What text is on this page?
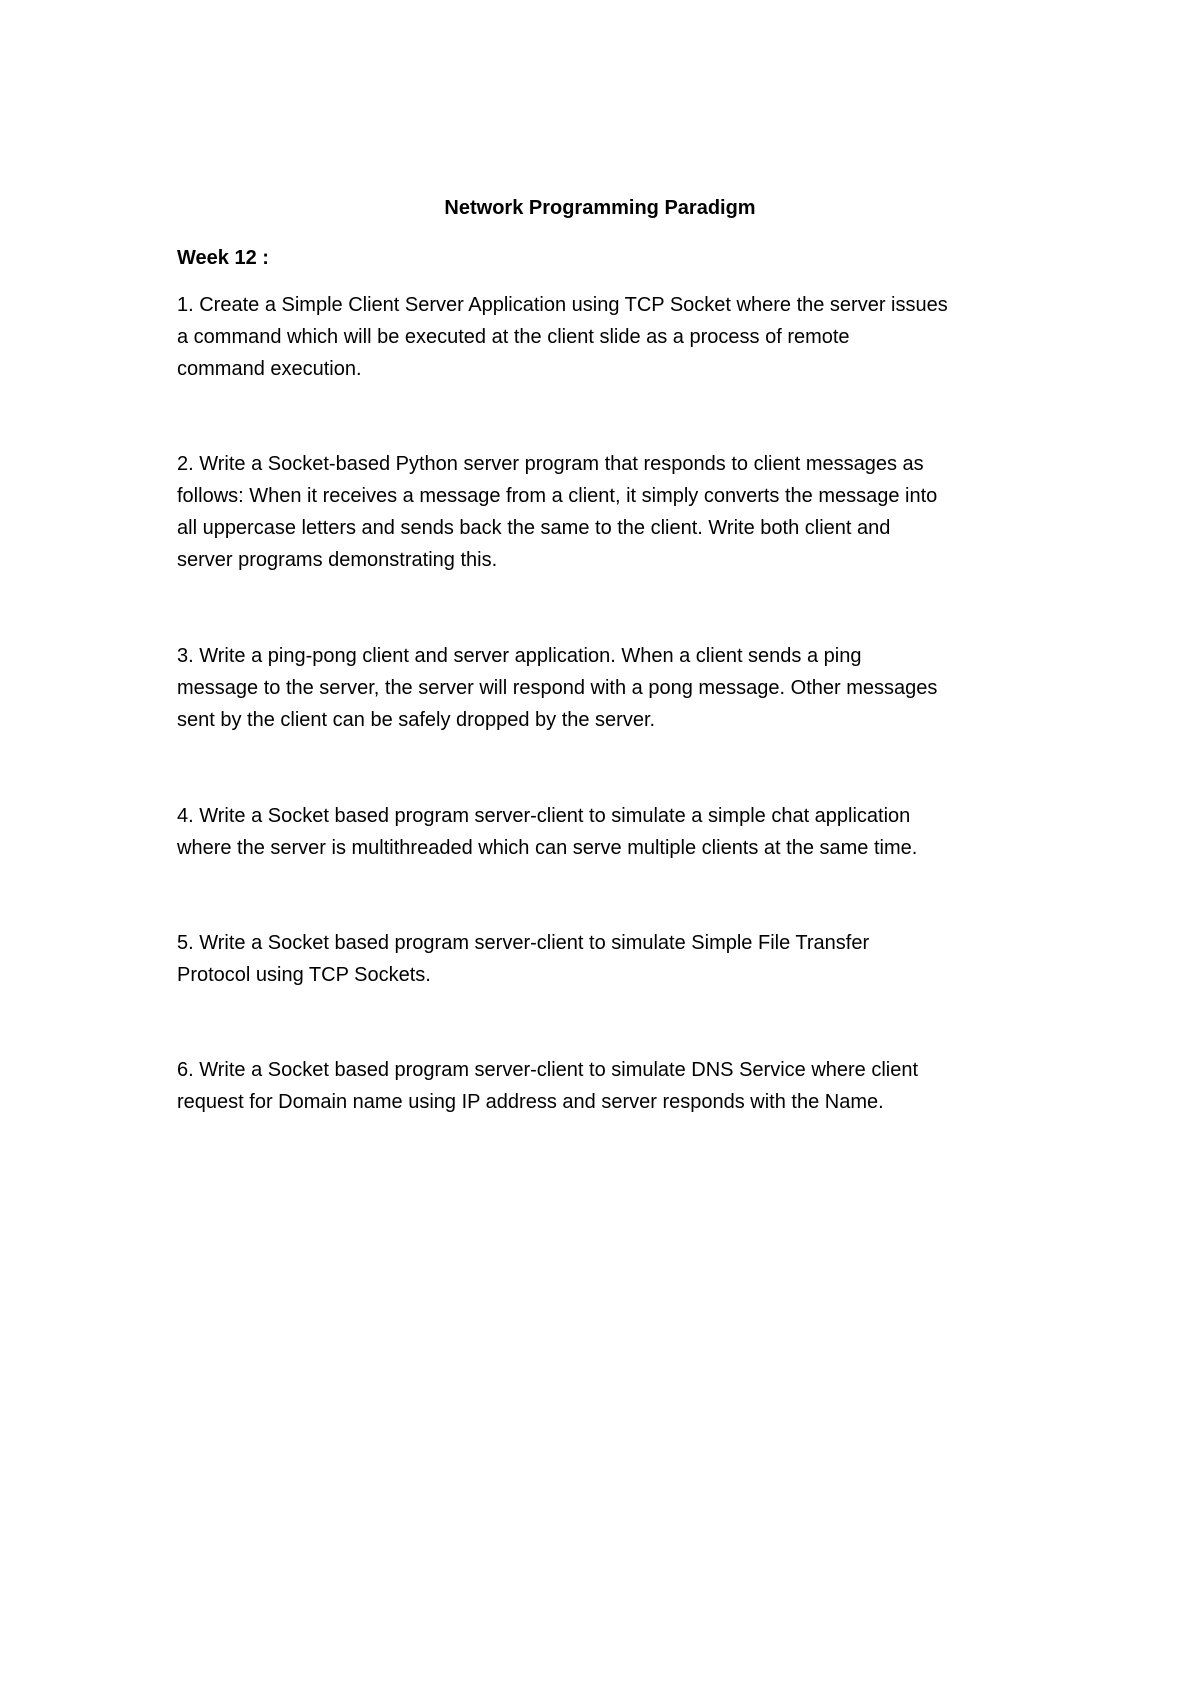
Network Programming Paradigm
Week 12 :
1. Create a Simple Client Server Application using TCP Socket where the server issues
a command which will be executed at the client slide as a process of remote
command execution.
2. Write a Socket-based Python server program that responds to client messages as
follows: When it receives a message from a client, it simply converts the message into
all uppercase letters and sends back the same to the client. Write both client and
server programs demonstrating this.
3. Write a ping-pong client and server application. When a client sends a ping
message to the server, the server will respond with a pong message. Other messages
sent by the client can be safely dropped by the server.
4. Write a Socket based program server-client to simulate a simple chat application
where the server is multithreaded which can serve multiple clients at the same time.
5. Write a Socket based program server-client to simulate Simple File Transfer
Protocol using TCP Sockets.
6. Write a Socket based program server-client to simulate DNS Service where client
request for Domain name using IP address and server responds with the Name.
